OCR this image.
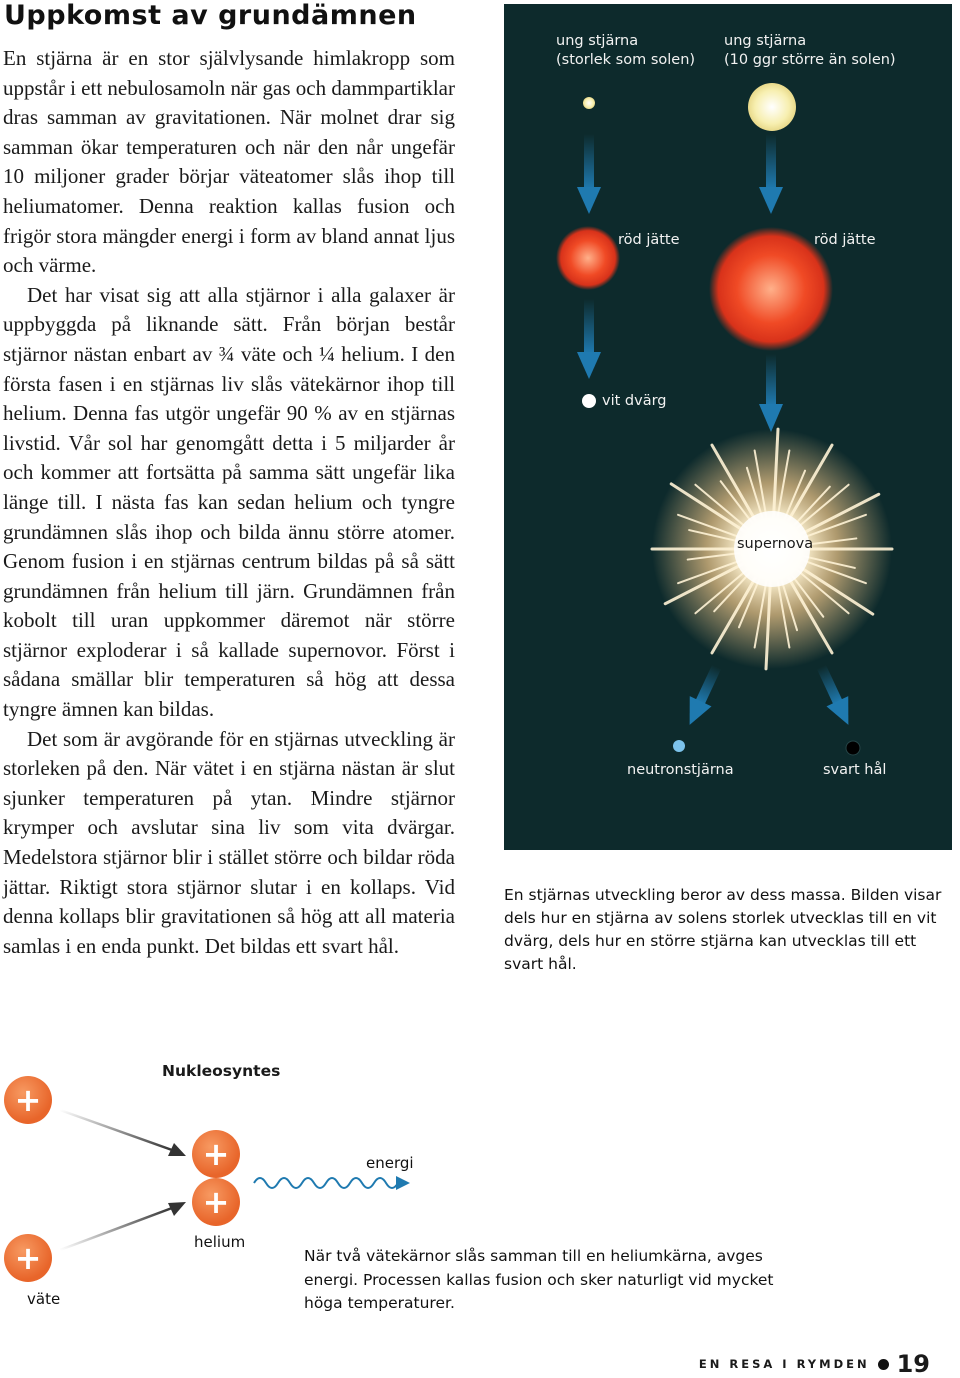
Uppkomst av grundämnen

En stjärna är en stor självlysande himlakropp som uppstår i ett nebulosamoln när gas och dammpartiklar dras samman av gravitationen. När molnet drar sig samman ökar temperaturen och när den når ungefär 10 miljoner grader börjar väteatomer slås ihop till heliumatomer. Denna reaktion kallas fusion och frigör stora mängder energi i form av bland annat ljus och värme.

Det har visat sig att alla stjärnor i alla galaxer är uppbyggda på liknande sätt. Från början består stjärnor nästan enbart av ¾ väte och ¼ helium. I den första fasen i en stjärnas liv slås vätekärnor ihop till helium. Denna fas utgör ungefär 90 % av en stjärnas livstid. Vår sol har genomgått detta i 5 miljarder år och kommer att fortsätta på samma sätt ungefär lika länge till. I nästa fas kan sedan helium och tyngre grundämnen slås ihop och bilda ännu större atomer. Genom fusion i en stjärnas centrum bildas på så sätt grundämnen från helium till järn. Grundämnen från kobolt till uran uppkommer däremot när större stjärnor exploderar i så kallade supernovor. Först i sådana smällar blir temperaturen så hög att dessa tyngre ämnen kan bildas.

Det som är avgörande för en stjärnas utveckling är storleken på den. När vätet i en stjärna nästan är slut sjunker temperaturen på ytan. Mindre stjärnor krymper och avslutar sina liv som vita dvärgar. Medelstora stjärnor blir i stället större och bildar röda jättar. Riktigt stora stjärnor slutar i en kollaps. Vid denna kollaps blir gravitationen så hög att all materia samlas i en enda punkt. Det bildas ett svart hål.

ung stjärna
(storlek som solen)
ung stjärna
(10 ggr större än solen)
röd jätte	röd jätte
vit dvärg
supernova
neutronstjärna	svart hål
En stjärnas utveckling beror av dess massa. Bilden visar dels hur en stjärna av solens storlek utvecklas till en vit dvärg, dels hur en större stjärna kan utvecklas till ett svart hål.
Nukleosyntes
+
+
+
+
energi
helium
väte
När två vätekärnor slås samman till en heliumkärna, avges energi. Processen kallas fusion och sker naturligt vid mycket höga temperaturer.
EN RESA I RYMDEN 19
